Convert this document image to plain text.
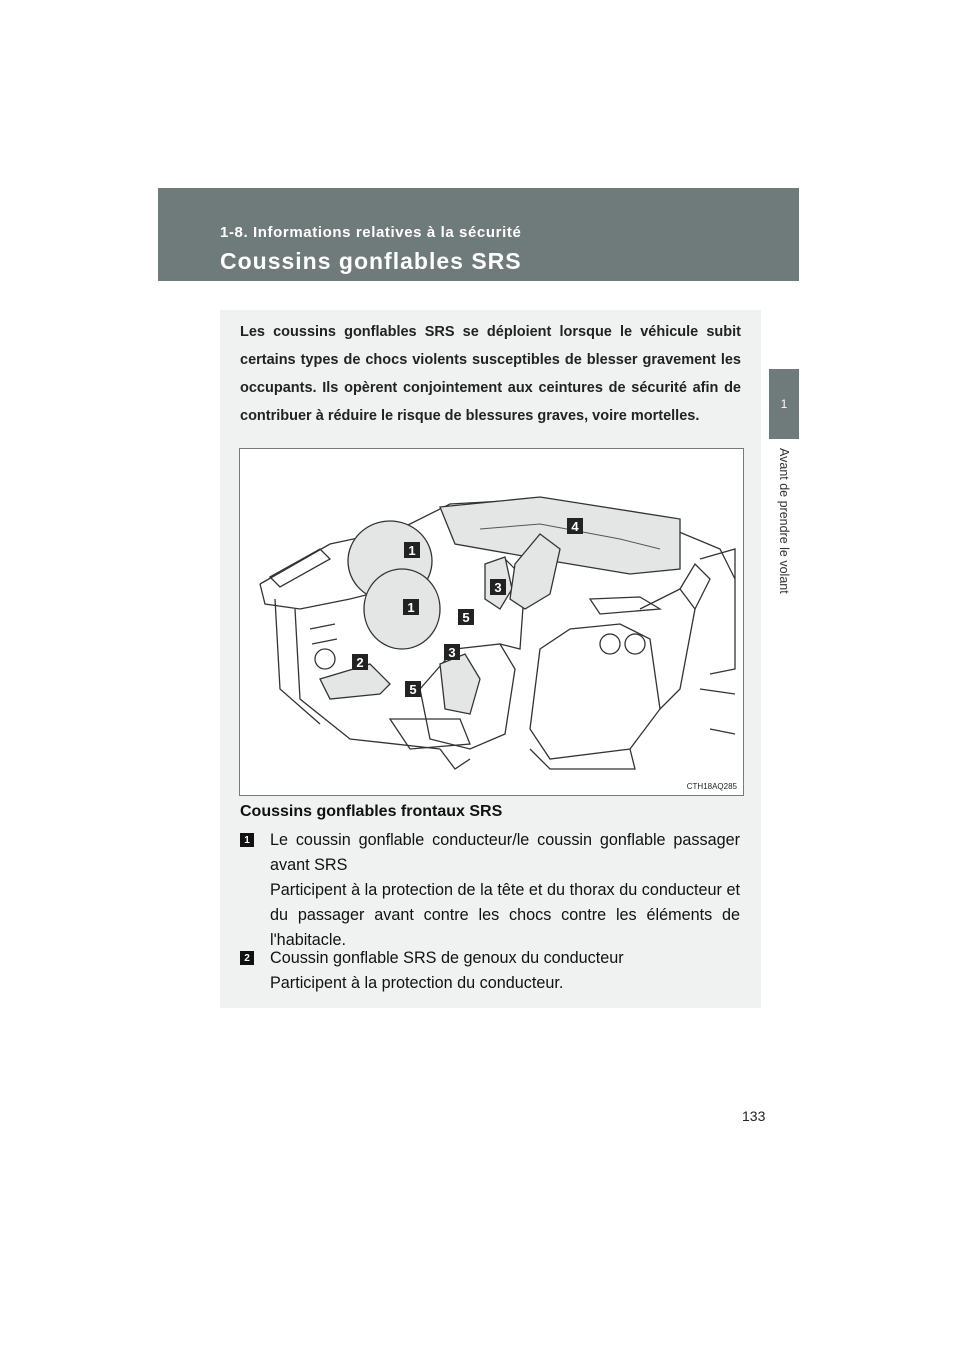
1-8. Informations relatives à la sécurité
Coussins gonflables SRS
1
Avant de prendre le volant
Les coussins gonflables SRS se déploient lorsque le véhicule subit certains types de chocs violents susceptibles de blesser gravement les occupants. Ils opèrent conjointement aux ceintures de sécurité afin de contribuer à réduire le risque de blessures graves, voire mortelles.
1
1
2
3
3
4
5
5
CTH18AQ285
Coussins gonflables frontaux SRS
1 Le coussin gonflable conducteur/le coussin gonflable passager avant SRS

Participent à la protection de la tête et du thorax du conducteur et du passager avant contre les chocs contre les éléments de l'habitacle.

2 Coussin gonflable SRS de genoux du conducteur

Participent à la protection du conducteur.

133
